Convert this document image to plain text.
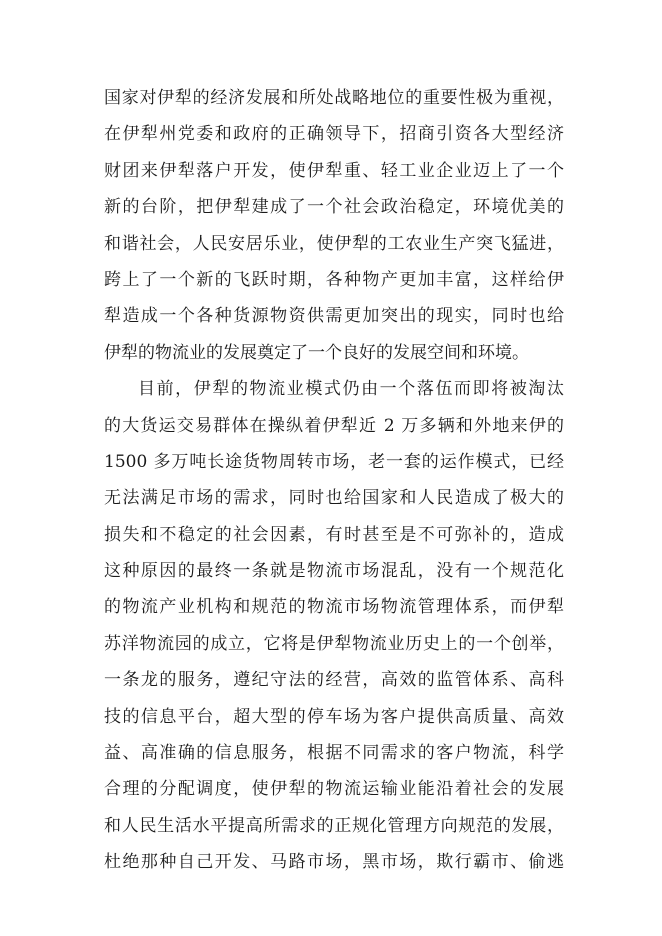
国家对伊犁的经济发展和所处战略地位的重要性极为重视，
在伊犁州党委和政府的正确领导下，招商引资各大型经济
财团来伊犁落户开发，使伊犁重、轻工业企业迈上了一个
新的台阶，把伊犁建成了一个社会政治稳定，环境优美的
和谐社会，人民安居乐业，使伊犁的工农业生产突飞猛进，
跨上了一个新的飞跃时期，各种物产更加丰富，这样给伊
犁造成一个各种货源物资供需更加突出的现实，同时也给
伊犁的物流业的发展奠定了一个良好的发展空间和环境。
目前，伊犁的物流业模式仍由一个落伍而即将被淘汰
的大货运交易群体在操纵着伊犁近 2 万多辆和外地来伊的
1500 多万吨长途货物周转市场，老一套的运作模式，已经
无法满足市场的需求，同时也给国家和人民造成了极大的
损失和不稳定的社会因素，有时甚至是不可弥补的，造成
这种原因的最终一条就是物流市场混乱，没有一个规范化
的物流产业机构和规范的物流市场物流管理体系，而伊犁
苏洋物流园的成立，它将是伊犁物流业历史上的一个创举，
一条龙的服务，遵纪守法的经营，高效的监管体系、高科
技的信息平台，超大型的停车场为客户提供高质量、高效
益、高准确的信息服务，根据不同需求的客户物流，科学
合理的分配调度，使伊犁的物流运输业能沿着社会的发展
和人民生活水平提高所需求的正规化管理方向规范的发展，
杜绝那种自己开发、马路市场，黑市场，欺行霸市、偷逃
